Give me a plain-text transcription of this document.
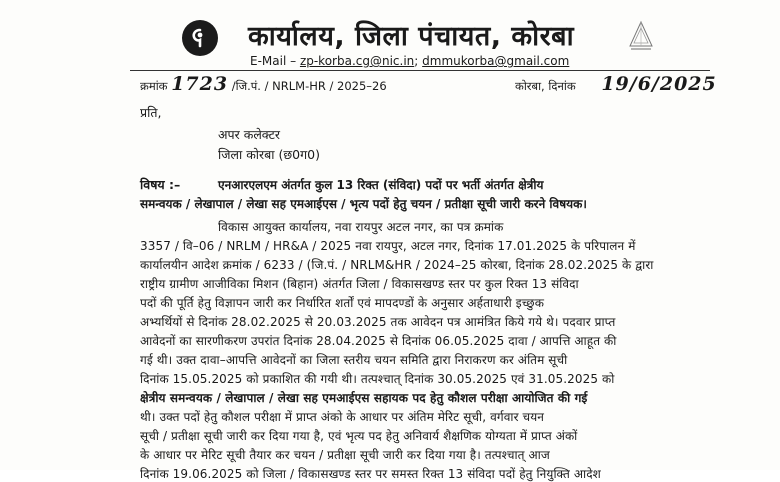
कार्यालय, जिला पंचायत, कोरबा
E-Mail – zp-korba.cg@nic.in; dmmukorba@gmail.com
क्रमांक 1723 /जि.पं. / NRLM-HR / 2025–26	कोरबा, दिनांक 19/6/2025
प्रति,
अपर कलेक्टर
जिला कोरबा (छ0ग0)
विषय :–	एनआरएलएम अंतर्गत कुल 13 रिक्त (संविदा) पदों पर भर्ती अंतर्गत क्षेत्रीय
समन्वयक / लेखापाल / लेखा सह एमआईएस / भृत्य पदों हेतु चयन / प्रतीक्षा सूची जारी करने विषयक।
विकास आयुक्त कार्यालय, नवा रायपुर अटल नगर, का पत्र क्रमांक
3357 / वि–06 / NRLM / HR&A / 2025 नवा रायपुर, अटल नगर, दिनांक 17.01.2025 के परिपालन में
कार्यालयीन आदेश क्रमांक / 6233 / (जि.पं. / NRLM&HR / 2024–25 कोरबा, दिनांक 28.02.2025 के द्वारा
राष्ट्रीय ग्रामीण आजीविका मिशन (बिहान) अंतर्गत जिला / विकासखण्ड स्तर पर कुल रिक्त 13 संविदा
पदों की पूर्ति हेतु विज्ञापन जारी कर निर्धारित शर्तों एवं मापदण्डों के अनुसार अर्हताधारी इच्छुक
अभ्यर्थियों से दिनांक 28.02.2025 से 20.03.2025 तक आवेदन पत्र आमंत्रित किये गये थे। पदवार प्राप्त
आवेदनों का सारणीकरण उपरांत दिनांक 28.04.2025 से दिनांक 06.05.2025 दावा / आपत्ति आहूत की
गई थी। उक्त दावा–आपत्ति आवेदनों का जिला स्तरीय चयन समिति द्वारा निराकरण कर अंतिम सूची
दिनांक 15.05.2025 को प्रकाशित की गयी थी। तत्पश्चात् दिनांक 30.05.2025 एवं 31.05.2025 को
क्षेत्रीय समन्वयक / लेखापाल / लेखा सह एमआईएस सहायक पद हेतु कौशल परीक्षा आयोजित की गई
थी। उक्त पदों हेतु कौशल परीक्षा में प्राप्त अंको के आधार पर अंतिम मेरिट सूची, वर्गवार चयन
सूची / प्रतीक्षा सूची जारी कर दिया गया है, एवं भृत्य पद हेतु अनिवार्य शैक्षणिक योग्यता में प्राप्त अंकों
के आधार पर मेरिट सूची तैयार कर चयन / प्रतीक्षा सूची जारी कर दिया गया है। तत्पश्चात् आज
दिनांक 19.06.2025 को जिला / विकासखण्ड स्तर पर समस्त रिक्त 13 संविदा पदों हेतु नियुक्ति आदेश
